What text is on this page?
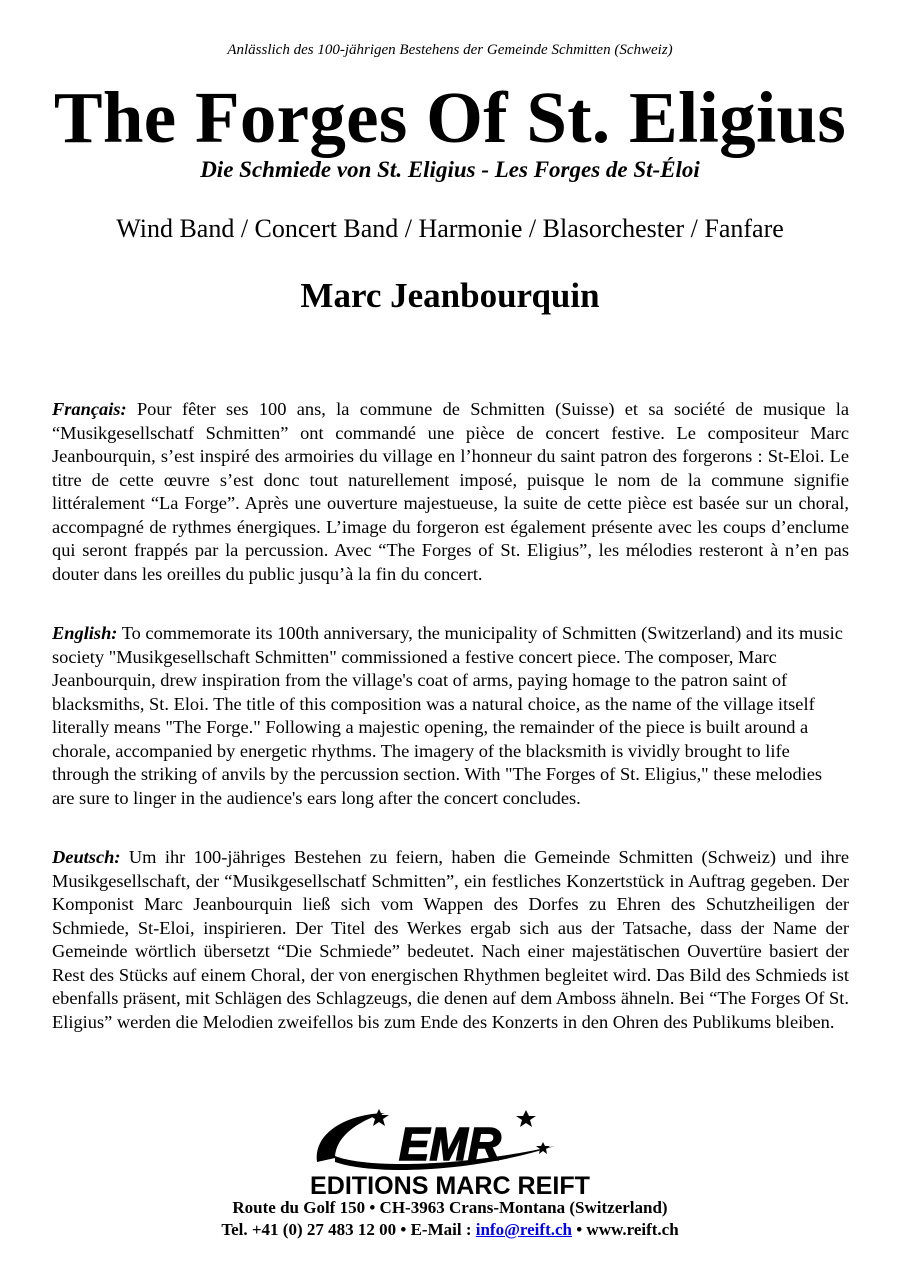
Anlässlich des 100-jährigen Bestehens der Gemeinde Schmitten (Schweiz)
The Forges Of St. Eligius
Die Schmiede von St. Eligius - Les Forges de St-Éloi
Wind Band / Concert Band / Harmonie / Blasorchester / Fanfare
Marc Jeanbourquin

Français: Pour fêter ses 100 ans, la commune de Schmitten (Suisse) et sa société de musique la “Musikgesellschatf Schmitten” ont commandé une pièce de concert festive. Le compositeur Marc Jeanbourquin, s’est inspiré des armoiries du village en l’honneur du saint patron des forgerons : St-Eloi. Le titre de cette œuvre s’est donc tout naturellement imposé, puisque le nom de la commune signifie littéralement “La Forge”. Après une ouverture majestueuse, la suite de cette pièce est basée sur un choral, accompagné de rythmes énergiques. L’image du forgeron est également présente avec les coups d’enclume qui seront frappés par la percussion. Avec “The Forges of St. Eligius”, les mélodies resteront à n’en pas douter dans les oreilles du public jusqu’à la fin du concert.

English: To commemorate its 100th anniversary, the municipality of Schmitten (Switzerland) and its music society "Musikgesellschaft Schmitten" commissioned a festive concert piece. The composer, Marc Jeanbourquin, drew inspiration from the village's coat of arms, paying homage to the patron saint of blacksmiths, St. Eloi. The title of this composition was a natural choice, as the name of the village itself literally means "The Forge." Following a majestic opening, the remainder of the piece is built around a chorale, accompanied by energetic rhythms. The imagery of the blacksmith is vividly brought to life through the striking of anvils by the percussion section. With "The Forges of St. Eligius," these melodies are sure to linger in the audience's ears long after the concert concludes.

Deutsch: Um ihr 100-jähriges Bestehen zu feiern, haben die Gemeinde Schmitten (Schweiz) und ihre Musikgesellschaft, der “Musikgesellschatf Schmitten”, ein festliches Konzertstück in Auftrag gegeben. Der Komponist Marc Jeanbourquin ließ sich vom Wappen des Dorfes zu Ehren des Schutzheiligen der Schmiede, St-Eloi, inspirieren. Der Titel des Werkes ergab sich aus der Tatsache, dass der Name der Gemeinde wörtlich übersetzt “Die Schmiede” bedeutet. Nach einer majestätischen Ouvertüre basiert der Rest des Stücks auf einem Choral, der von energischen Rhythmen begleitet wird. Das Bild des Schmieds ist ebenfalls präsent, mit Schlägen des Schlagzeugs, die denen auf dem Amboss ähneln. Bei “The Forges Of St. Eligius” werden die Melodien zweifellos bis zum Ende des Konzerts in den Ohren des Publikums bleiben.

EMR
EDITIONS MARC REIFT
Route du Golf 150 • CH-3963 Crans-Montana (Switzerland)
Tel. +41 (0) 27 483 12 00 • E-Mail : info@reift.ch • www.reift.ch
